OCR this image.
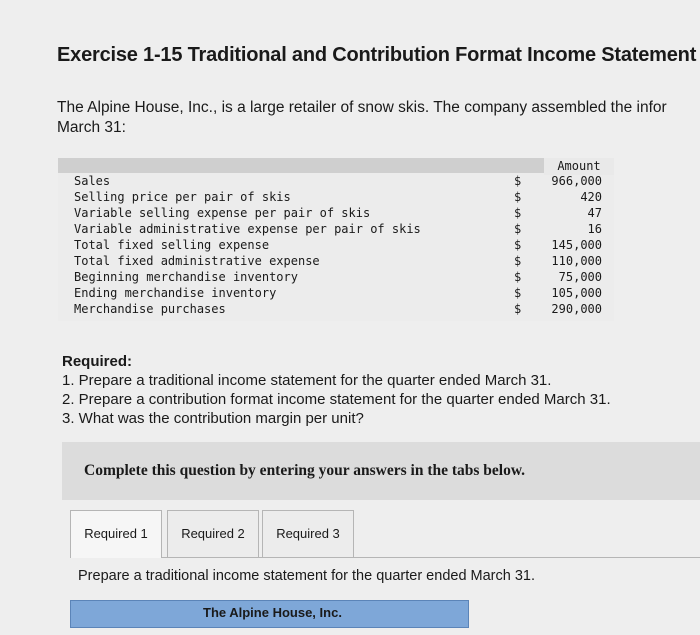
Exercise 1-15 Traditional and Contribution Format Income Statement
The Alpine House, Inc., is a large retailer of snow skis. The company assembled the infor
March 31:
Amount
Sales	$	966,000
Selling price per pair of skis	$	420
Variable selling expense per pair of skis	$	47
Variable administrative expense per pair of skis	$	16
Total fixed selling expense	$	145,000
Total fixed administrative expense	$	110,000
Beginning merchandise inventory	$	75,000
Ending merchandise inventory	$	105,000
Merchandise purchases	$	290,000
Required:
1. Prepare a traditional income statement for the quarter ended March 31.
2. Prepare a contribution format income statement for the quarter ended March 31.
3. What was the contribution margin per unit?
Complete this question by entering your answers in the tabs below.
Required 1	Required 2	Required 3
Prepare a traditional income statement for the quarter ended March 31.
The Alpine House, Inc.
